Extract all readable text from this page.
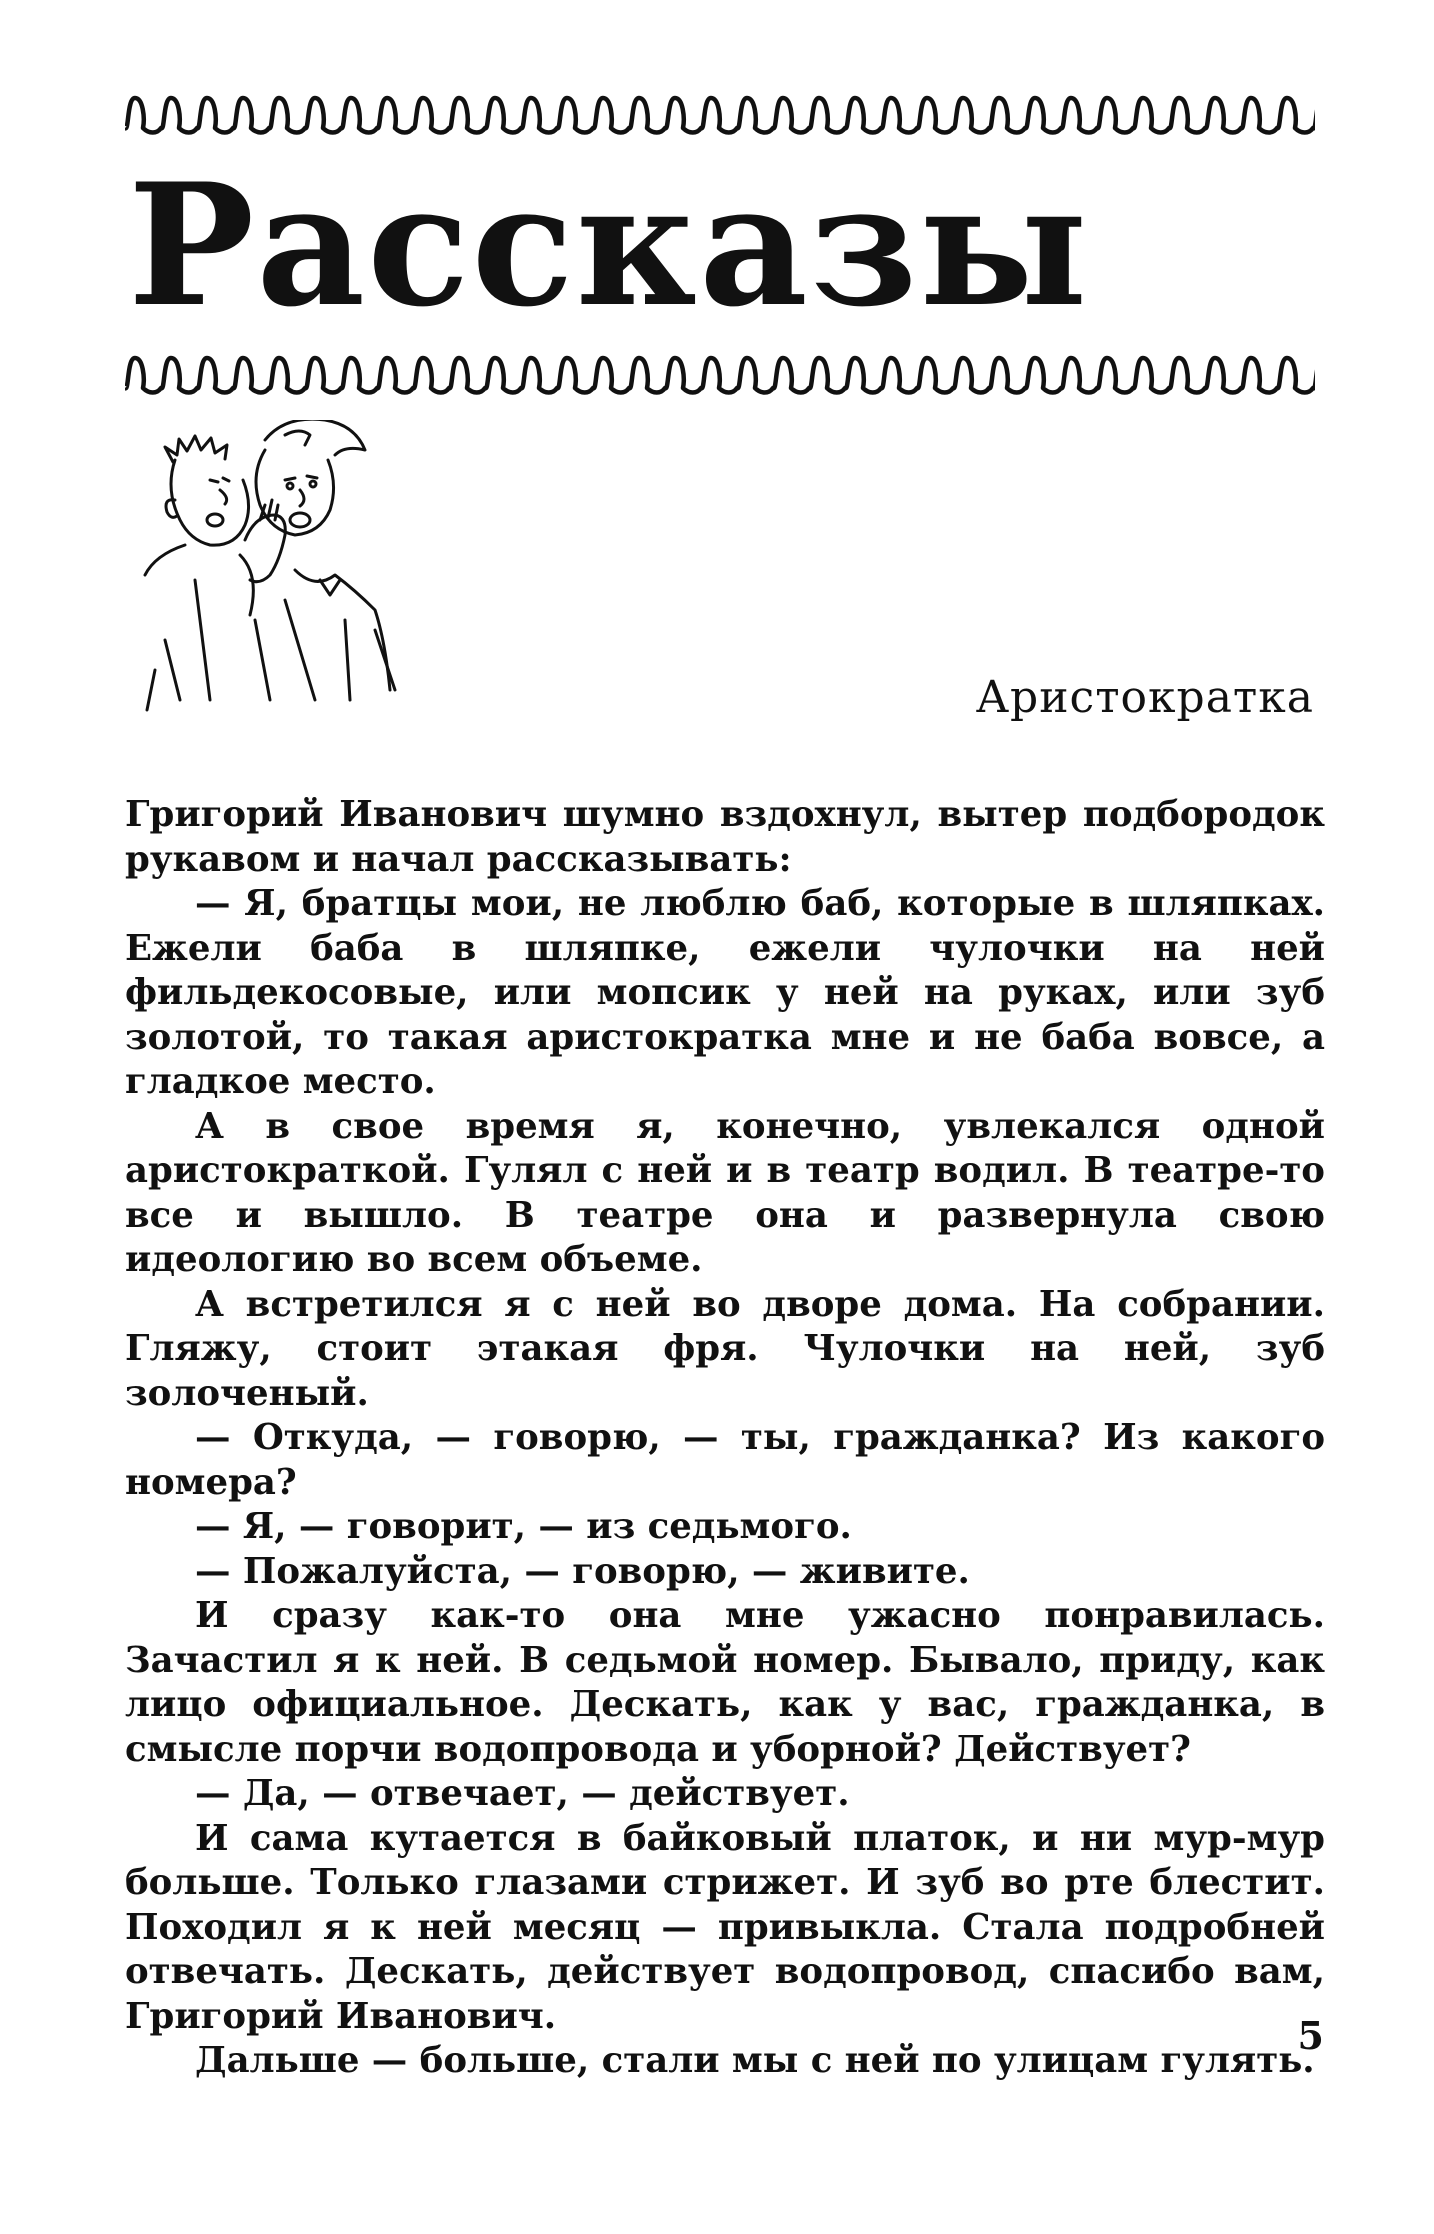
Рассказы
Аристократка

Григорий Иванович шумно вздохнул, вытер подбородок рукавом и начал рассказывать:

— Я, братцы мои, не люблю баб, которые в шляпках. Ежели баба в шляпке, ежели чулочки на ней фильдекосовые, или мопсик у ней на руках, или зуб золотой, то такая аристократка мне и не баба вовсе, а гладкое место.

А в свое время я, конечно, увлекался одной аристократкой. Гулял с ней и в театр водил. В театре-то все и вышло. В театре она и развернула свою идеологию во всем объеме.

А встретился я с ней во дворе дома. На собрании. Гляжу, стоит этакая фря. Чулочки на ней, зуб золоченый.

— Откуда, — говорю, — ты, гражданка? Из какого номера?

— Я, — говорит, — из седьмого.

— Пожалуйста, — говорю, — живите.

И сразу как-то она мне ужасно понравилась. Зачастил я к ней. В седьмой номер. Бывало, приду, как лицо официальное. Дескать, как у вас, гражданка, в смысле порчи водопровода и уборной? Действует?

— Да, — отвечает, — действует.

И сама кутается в байковый платок, и ни мур-мур больше. Только глазами стрижет. И зуб во рте блестит. Походил я к ней месяц — привыкла. Стала подробней отвечать. Дескать, действует водопровод, спасибо вам, Григорий Иванович.

Дальше — больше, стали мы с ней по улицам гулять.

5
